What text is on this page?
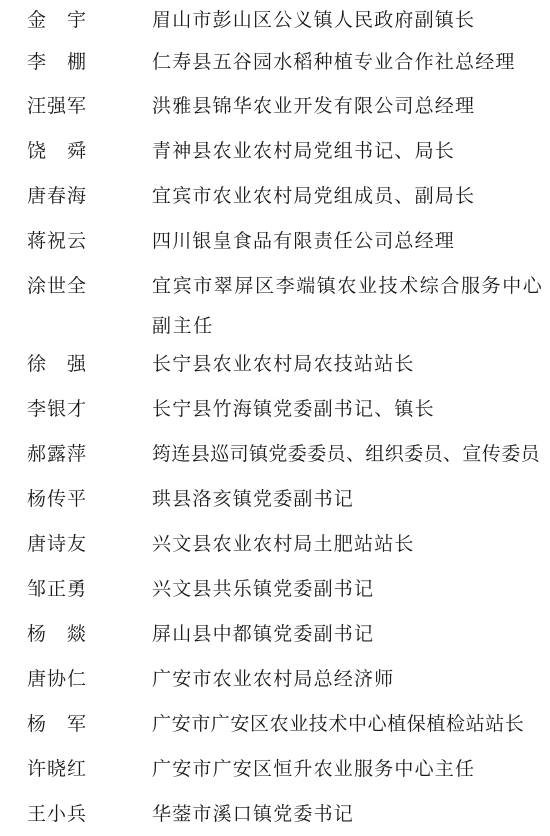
金　宇	眉山市彭山区公义镇人民政府副镇长
李　棚	仁寿县五谷园水稻种植专业合作社总经理
汪强军	洪雅县锦华农业开发有限公司总经理
饶　舜	青神县农业农村局党组书记、局长
唐春海	宜宾市农业农村局党组成员、副局长
蒋祝云	四川银皇食品有限责任公司总经理
涂世全	宜宾市翠屏区李端镇农业技术综合服务中心副主任
徐　强	长宁县农业农村局农技站站长
李银才	长宁县竹海镇党委副书记、镇长
郝露萍	筠连县巡司镇党委委员、组织委员、宣传委员
杨传平	珙县洛亥镇党委副书记
唐诗友	兴文县农业农村局土肥站站长
邹正勇	兴文县共乐镇党委副书记
杨　燚	屏山县中都镇党委副书记
唐协仁	广安市农业农村局总经济师
杨　军	广安市广安区农业技术中心植保植检站站长
许晓红	广安市广安区恒升农业服务中心主任
王小兵	华蓥市溪口镇党委书记
